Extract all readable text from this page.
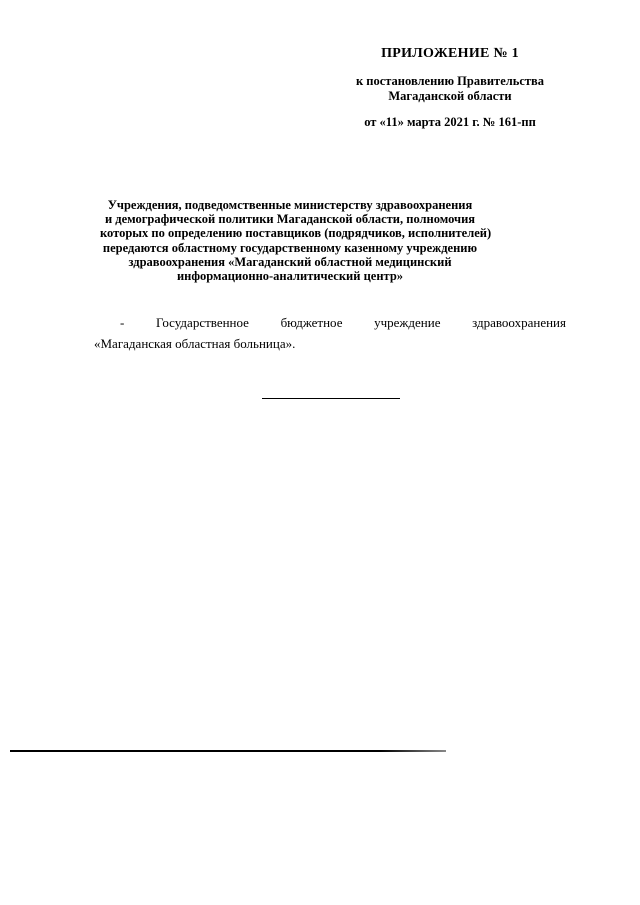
ПРИЛОЖЕНИЕ № 1
к постановлению Правительства
Магаданской области
от «11» марта 2021 г. № 161-пп
Учреждения, подведомственные министерству здравоохранения
и демографической политики Магаданской области, полномочия
которых по определению поставщиков (подрядчиков, исполнителей)
передаются областному государственному казенному учреждению
здравоохранения «Магаданский областной медицинский
информационно-аналитический центр»
- Государственное бюджетное учреждение здравоохранения
«Магаданская областная больница».
